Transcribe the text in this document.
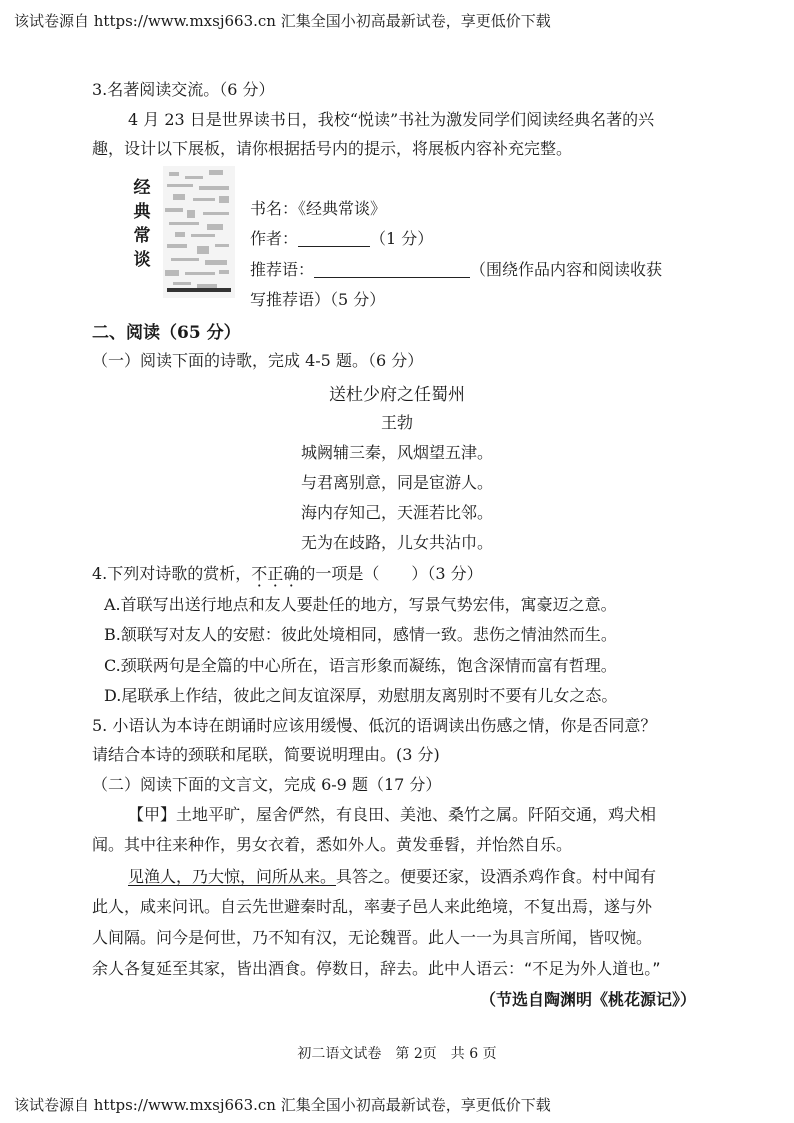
该试卷源自 https://www.mxsj663.cn 汇集全国小初高最新试卷，享更低价下载
3.名著阅读交流。（6 分）
4 月 23 日是世界读书日，我校“悦读”书社为激发同学们阅读经典名著的兴
趣，设计以下展板，请你根据括号内的提示，将展板内容补充完整。
经典常谈
书名：《经典常谈》
作者：	（1 分）
推荐语：	（围绕作品内容和阅读收获
写推荐语）（5 分）
二、阅读（65 分）
（一）阅读下面的诗歌，完成 4-5 题。（6 分）
送杜少府之任蜀州
王勃
城阙辅三秦，风烟望五津。
与君离别意，同是宦游人。
海内存知己，天涯若比邻。
无为在歧路，儿女共沾巾。
4.下列对诗歌的赏析，不正确的一项是（　　）（3 分）
A.首联写出送行地点和友人要赴任的地方，写景气势宏伟，寓豪迈之意。
B.颔联写对友人的安慰：彼此处境相同，感情一致。悲伤之情油然而生。
C.颈联两句是全篇的中心所在，语言形象而凝练，饱含深情而富有哲理。
D.尾联承上作结，彼此之间友谊深厚，劝慰朋友离别时不要有儿女之态。
5. 小语认为本诗在朗诵时应该用缓慢、低沉的语调读出伤感之情，你是否同意？
请结合本诗的颈联和尾联，简要说明理由。(3 分)
（二）阅读下面的文言文，完成 6-9 题（17 分）
【甲】土地平旷，屋舍俨然，有良田、美池、桑竹之属。阡陌交通，鸡犬相
闻。其中往来种作，男女衣着，悉如外人。黄发垂髫，并怡然自乐。
见渔人，乃大惊，问所从来。具答之。便要还家，设酒杀鸡作食。村中闻有
此人，咸来问讯。自云先世避秦时乱，率妻子邑人来此绝境，不复出焉，遂与外
人间隔。问今是何世，乃不知有汉，无论魏晋。此人一一为具言所闻，皆叹惋。
余人各复延至其家，皆出酒食。停数日，辞去。此中人语云：“不足为外人道也。”
（节选自陶渊明《桃花源记》）
初二语文试卷　第 2页　共 6 页
该试卷源自 https://www.mxsj663.cn 汇集全国小初高最新试卷，享更低价下载
